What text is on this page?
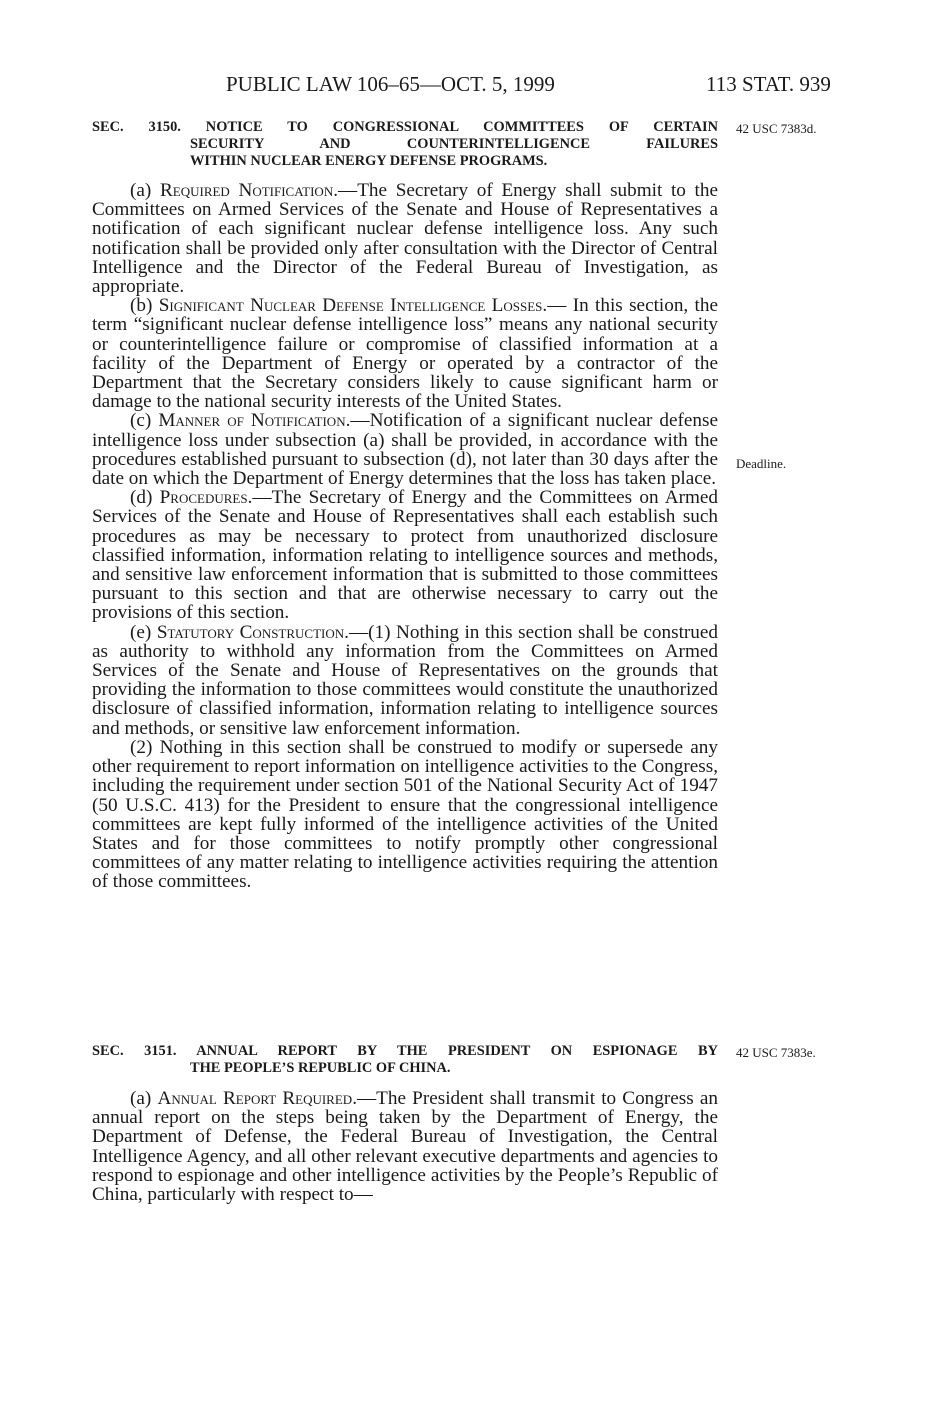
PUBLIC LAW 106–65—OCT. 5, 1999	113 STAT. 939
SEC. 3150. NOTICE TO CONGRESSIONAL COMMITTEES OF CERTAIN
SECURITY AND COUNTERINTELLIGENCE FAILURES
WITHIN NUCLEAR ENERGY DEFENSE PROGRAMS.
42 USC 7383d.

(a) Required Notification.—The Secretary of Energy shall submit to the Committees on Armed Services of the Senate and House of Representatives a notification of each significant nuclear defense intelligence loss. Any such notification shall be provided only after consultation with the Director of Central Intelligence and the Director of the Federal Bureau of Investigation, as appropriate.

(b) Significant Nuclear Defense Intelligence Losses.— In this section, the term “significant nuclear defense intelligence loss” means any national security or counterintelligence failure or compromise of classified information at a facility of the Department of Energy or operated by a contractor of the Department that the Secretary considers likely to cause significant harm or damage to the national security interests of the United States.

(c) Manner of Notification.—Notification of a significant nuclear defense intelligence loss under subsection (a) shall be provided, in accordance with the procedures established pursuant to subsection (d), not later than 30 days after the date on which the Department of Energy determines that the loss has taken place.

(d) Procedures.—The Secretary of Energy and the Committees on Armed Services of the Senate and House of Representatives shall each establish such procedures as may be necessary to protect from unauthorized disclosure classified information, information relating to intelligence sources and methods, and sensitive law enforcement information that is submitted to those committees pursuant to this section and that are otherwise necessary to carry out the provisions of this section.

(e) Statutory Construction.—(1) Nothing in this section shall be construed as authority to withhold any information from the Committees on Armed Services of the Senate and House of Representatives on the grounds that providing the information to those committees would constitute the unauthorized disclosure of classified information, information relating to intelligence sources and methods, or sensitive law enforcement information.

(2) Nothing in this section shall be construed to modify or supersede any other requirement to report information on intelligence activities to the Congress, including the requirement under section 501 of the National Security Act of 1947 (50 U.S.C. 413) for the President to ensure that the congressional intelligence committees are kept fully informed of the intelligence activities of the United States and for those committees to notify promptly other congressional committees of any matter relating to intelligence activities requiring the attention of those committees.

Deadline.
SEC. 3151. ANNUAL REPORT BY THE PRESIDENT ON ESPIONAGE BY
THE PEOPLE’S REPUBLIC OF CHINA.
42 USC 7383e.

(a) Annual Report Required.—The President shall transmit to Congress an annual report on the steps being taken by the Department of Energy, the Department of Defense, the Federal Bureau of Investigation, the Central Intelligence Agency, and all other relevant executive departments and agencies to respond to espionage and other intelligence activities by the People’s Republic of China, particularly with respect to—
